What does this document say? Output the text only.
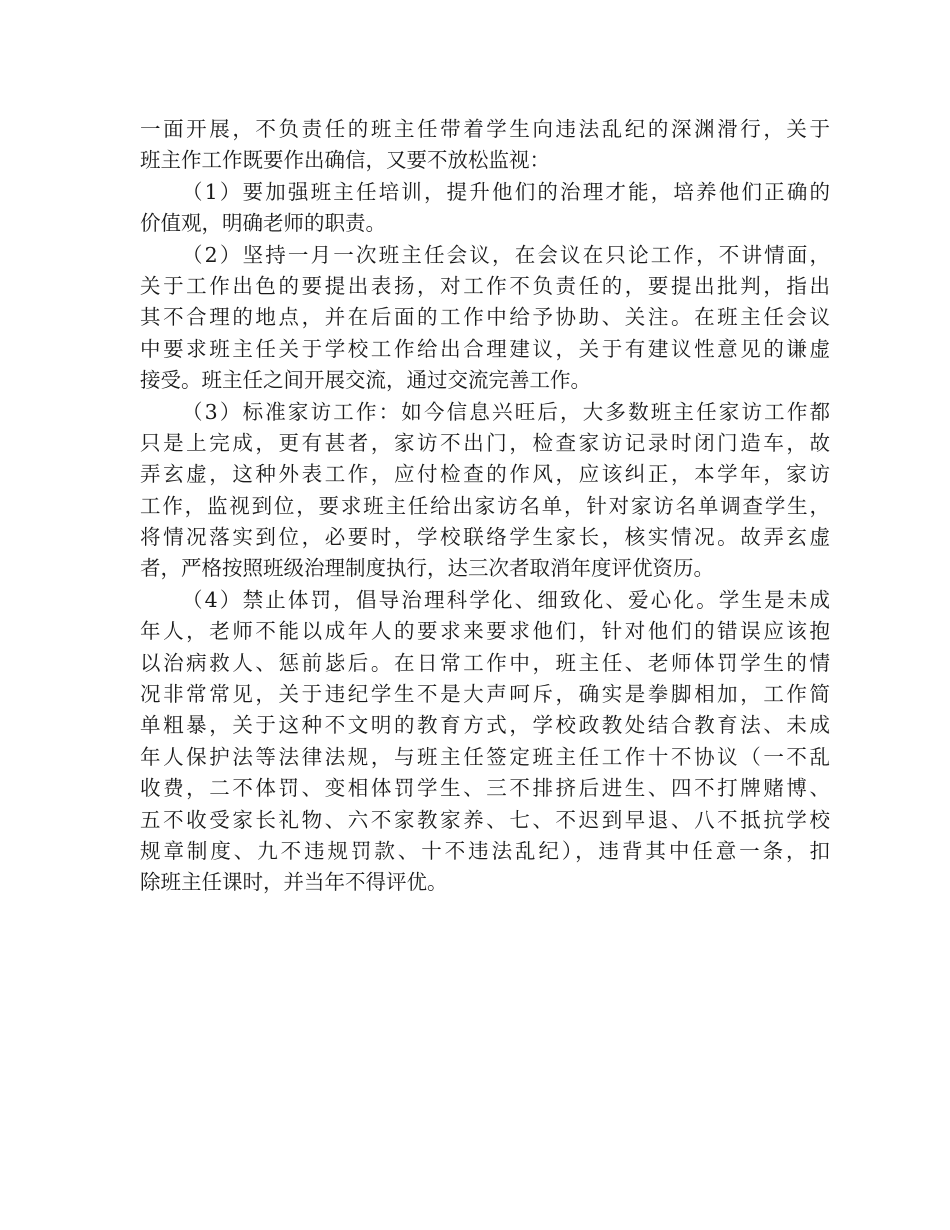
一面开展，不负责任的班主任带着学生向违法乱纪的深渊滑行，关于
班主作工作既要作出确信，又要不放松监视：
（1）要加强班主任培训，提升他们的治理才能，培养他们正确的
价值观，明确老师的职责。
（2）坚持一月一次班主任会议，在会议在只论工作，不讲情面，
关于工作出色的要提出表扬，对工作不负责任的，要提出批判，指出
其不合理的地点，并在后面的工作中给予协助、关注。在班主任会议
中要求班主任关于学校工作给出合理建议，关于有建议性意见的谦虚
接受。班主任之间开展交流，通过交流完善工作。
（3）标准家访工作：如今信息兴旺后，大多数班主任家访工作都
只是上完成，更有甚者，家访不出门，检查家访记录时闭门造车，故
弄玄虚，这种外表工作，应付检查的作风，应该纠正，本学年，家访
工作，监视到位，要求班主任给出家访名单，针对家访名单调查学生，
将情况落实到位，必要时，学校联络学生家长，核实情况。故弄玄虚
者，严格按照班级治理制度执行，达三次者取消年度评优资历。
（4）禁止体罚，倡导治理科学化、细致化、爱心化。学生是未成
年人，老师不能以成年人的要求来要求他们，针对他们的错误应该抱
以治病救人、惩前毖后。在日常工作中，班主任、老师体罚学生的情
况非常常见，关于违纪学生不是大声呵斥，确实是拳脚相加，工作简
单粗暴，关于这种不文明的教育方式，学校政教处结合教育法、未成
年人保护法等法律法规，与班主任签定班主任工作十不协议（一不乱
收费，二不体罚、变相体罚学生、三不排挤后进生、四不打牌赌博、
五不收受家长礼物、六不家教家养、七、不迟到早退、八不抵抗学校
规章制度、九不违规罚款、十不违法乱纪），违背其中任意一条，扣
除班主任课时，并当年不得评优。
